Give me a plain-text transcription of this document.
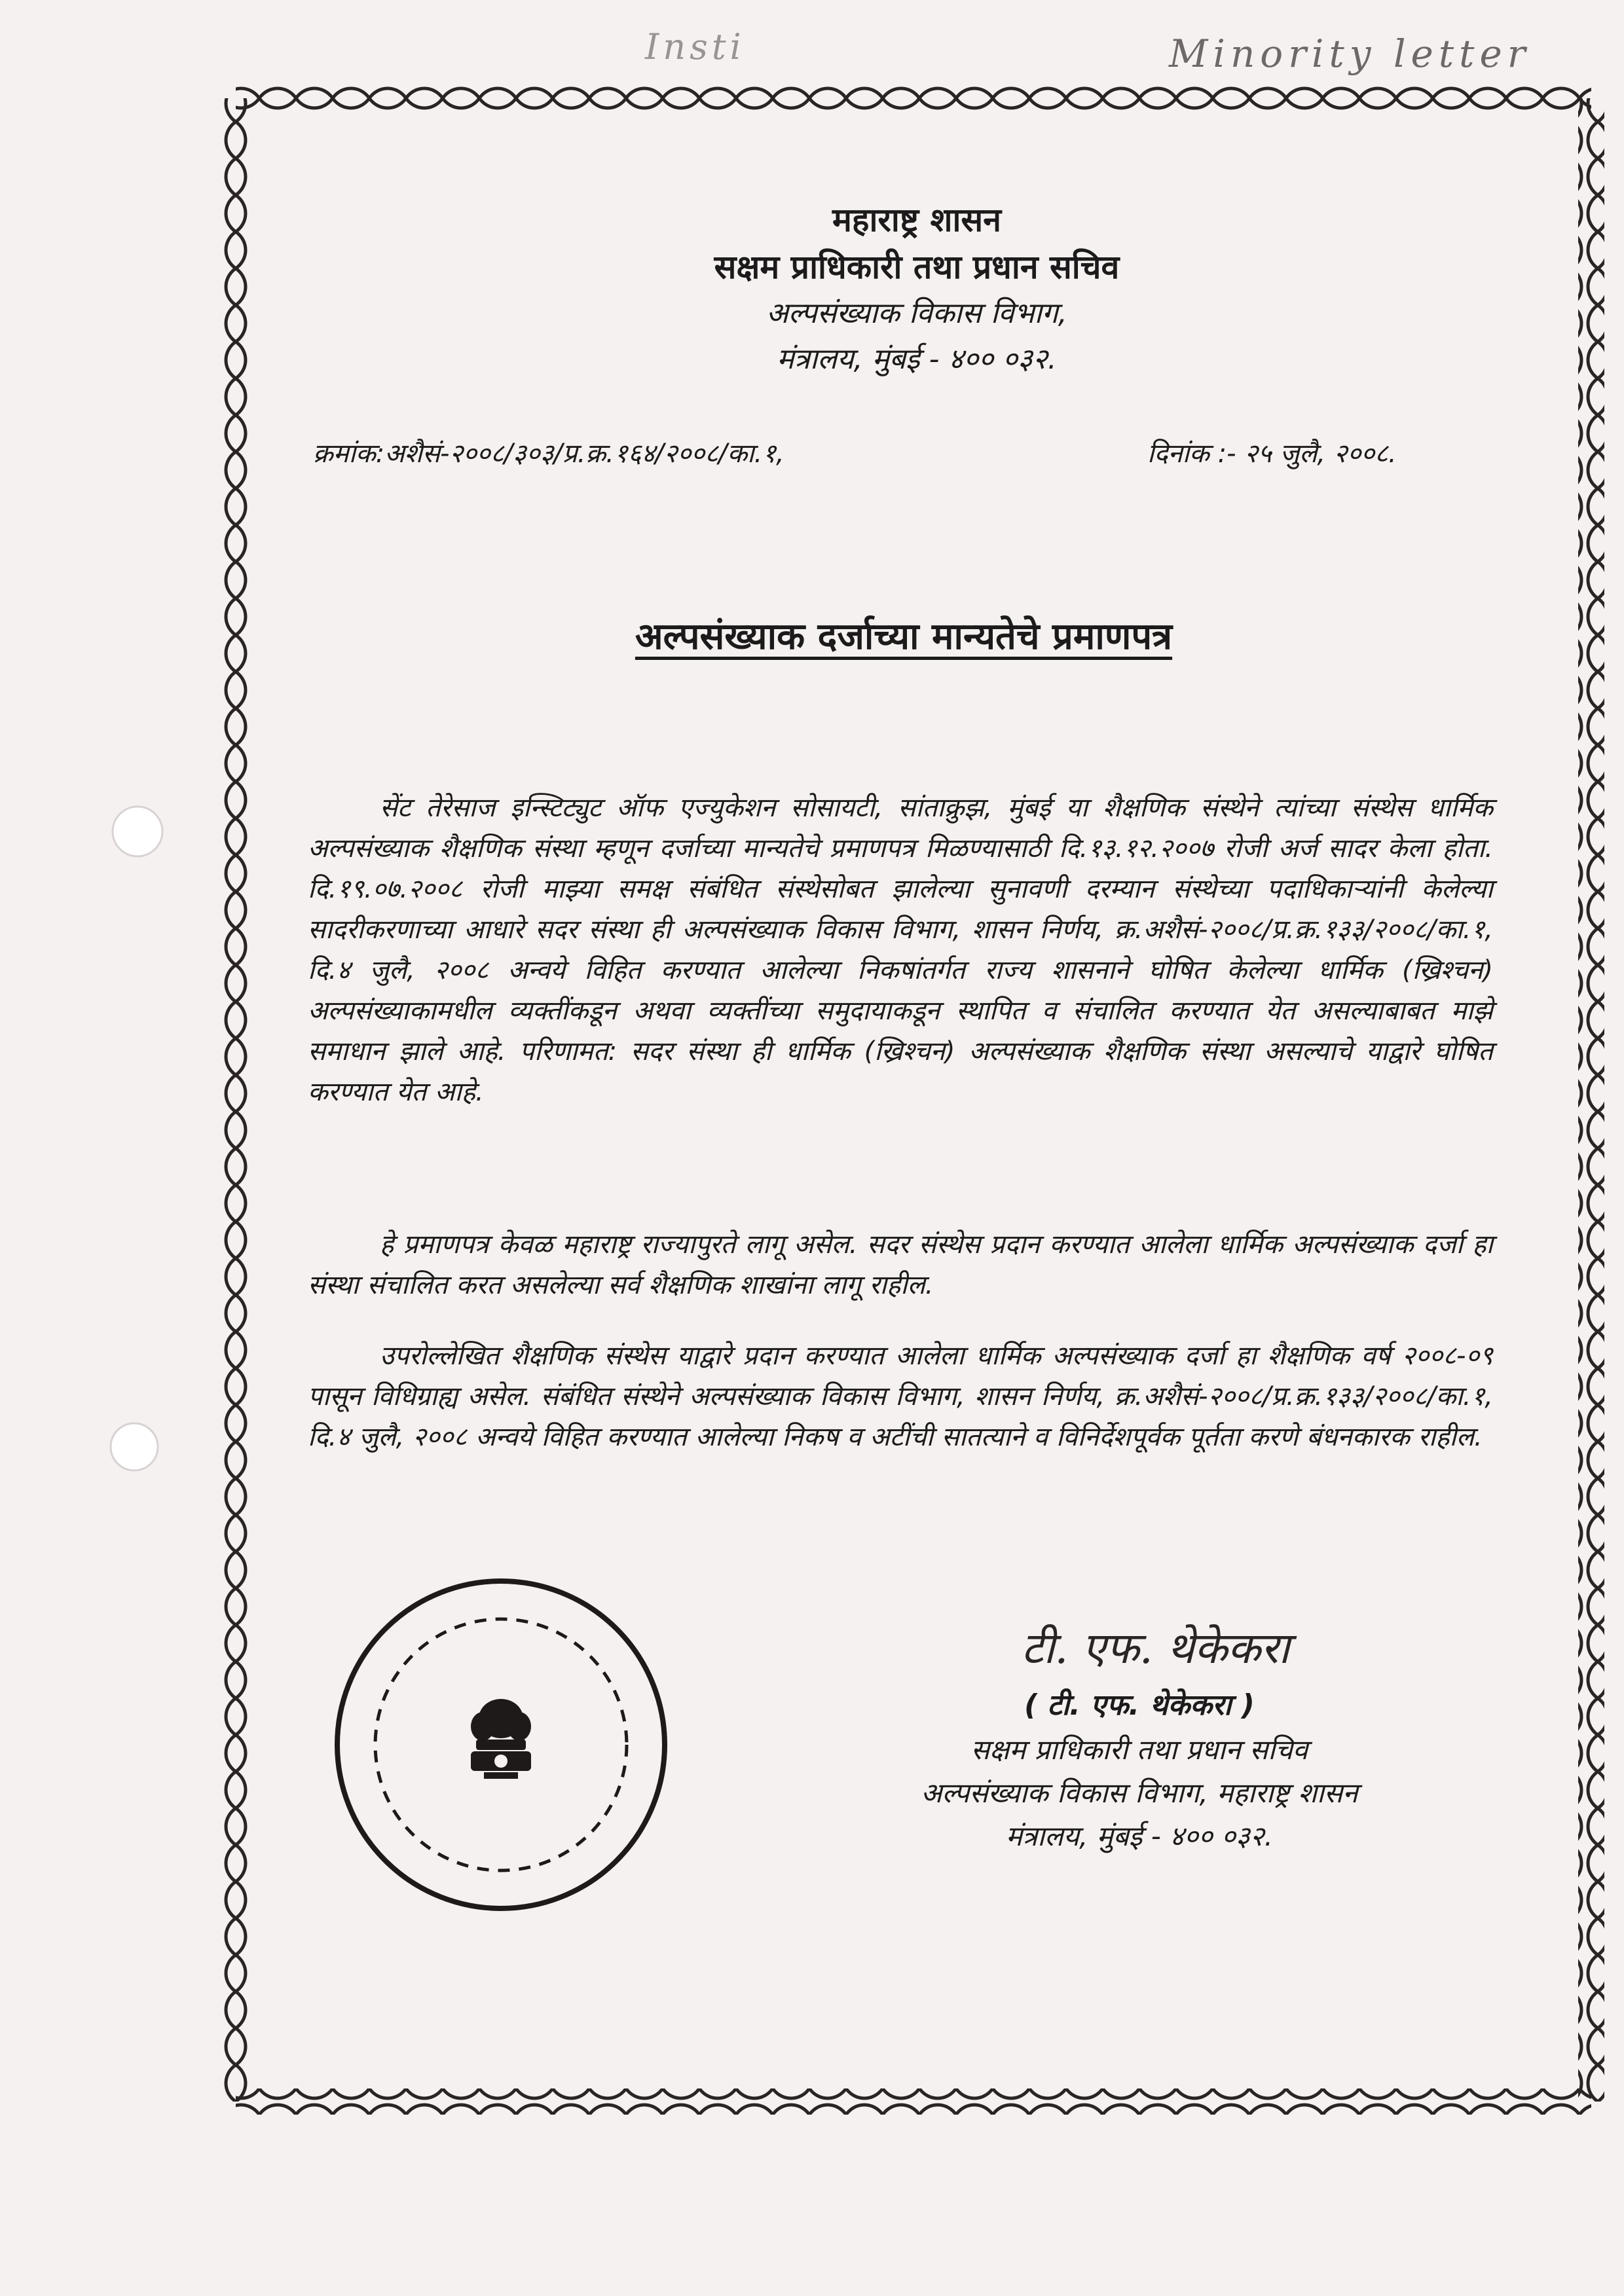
Insti	Minority letter
महाराष्ट्र शासन
सक्षम प्राधिकारी तथा प्रधान सचिव
अल्पसंख्याक विकास विभाग,
मंत्रालय, मुंबई - ४०० ०३२.
क्रमांक:अशैसं-२००८/३०३/प्र.क्र.१६४/२००८/का.१,	दिनांक :- २५ जुलै, २००८.
अल्पसंख्याक दर्जाच्या मान्यतेचे प्रमाणपत्र

सेंट तेरेसाज इन्स्टिट्युट ऑफ एज्युकेशन सोसायटी, सांताक्रुझ, मुंबई या शैक्षणिक संस्थेने त्यांच्या संस्थेस धार्मिक अल्पसंख्याक शैक्षणिक संस्था म्हणून दर्जाच्या मान्यतेचे प्रमाणपत्र मिळण्यासाठी दि.१३.१२.२००७ रोजी अर्ज सादर केला होता. दि.१९.०७.२००८ रोजी माझ्या समक्ष संबंधित संस्थेसोबत झालेल्या सुनावणी दरम्यान संस्थेच्या पदाधिकाऱ्यांनी केलेल्या सादरीकरणाच्या आधारे सदर संस्था ही अल्पसंख्याक विकास विभाग, शासन निर्णय, क्र.अशैसं-२००८/प्र.क्र.१३३/२००८/का.१, दि.४ जुलै, २००८ अन्वये विहित करण्यात आलेल्या निकषांतर्गत राज्य शासनाने घोषित केलेल्या धार्मिक (ख्रिश्चन) अल्पसंख्याकामधील व्यक्तींकडून अथवा व्यक्तींच्या समुदायाकडून स्थापित व संचालित करण्यात येत असल्याबाबत माझे समाधान झाले आहे. परिणामत: सदर संस्था ही धार्मिक (ख्रिश्चन) अल्पसंख्याक शैक्षणिक संस्था असल्याचे याद्वारे घोषित करण्यात येत आहे.

हे प्रमाणपत्र केवळ महाराष्ट्र राज्यापुरते लागू असेल. सदर संस्थेस प्रदान करण्यात आलेला धार्मिक अल्पसंख्याक दर्जा हा संस्था संचालित करत असलेल्या सर्व शैक्षणिक शाखांना लागू राहील.

उपरोल्लेखित शैक्षणिक संस्थेस याद्वारे प्रदान करण्यात आलेला धार्मिक अल्पसंख्याक दर्जा हा शैक्षणिक वर्ष २००८-०९ पासून विधिग्राह्य असेल. संबंधित संस्थेने अल्पसंख्याक विकास विभाग, शासन निर्णय, क्र.अशैसं-२००८/प्र.क्र.१३३/२००८/का.१, दि.४ जुलै, २००८ अन्वये विहित करण्यात आलेल्या निकष व अटींची सातत्याने व विनिर्देशपूर्वक पूर्तता करणे बंधनकारक राहील.

टी. एफ. थेकेकरा
( टी. एफ. थेकेकरा )
सक्षम प्राधिकारी तथा प्रधान सचिव
अल्पसंख्याक विकास विभाग, महाराष्ट्र शासन
मंत्रालय, मुंबई - ४०० ०३२.
